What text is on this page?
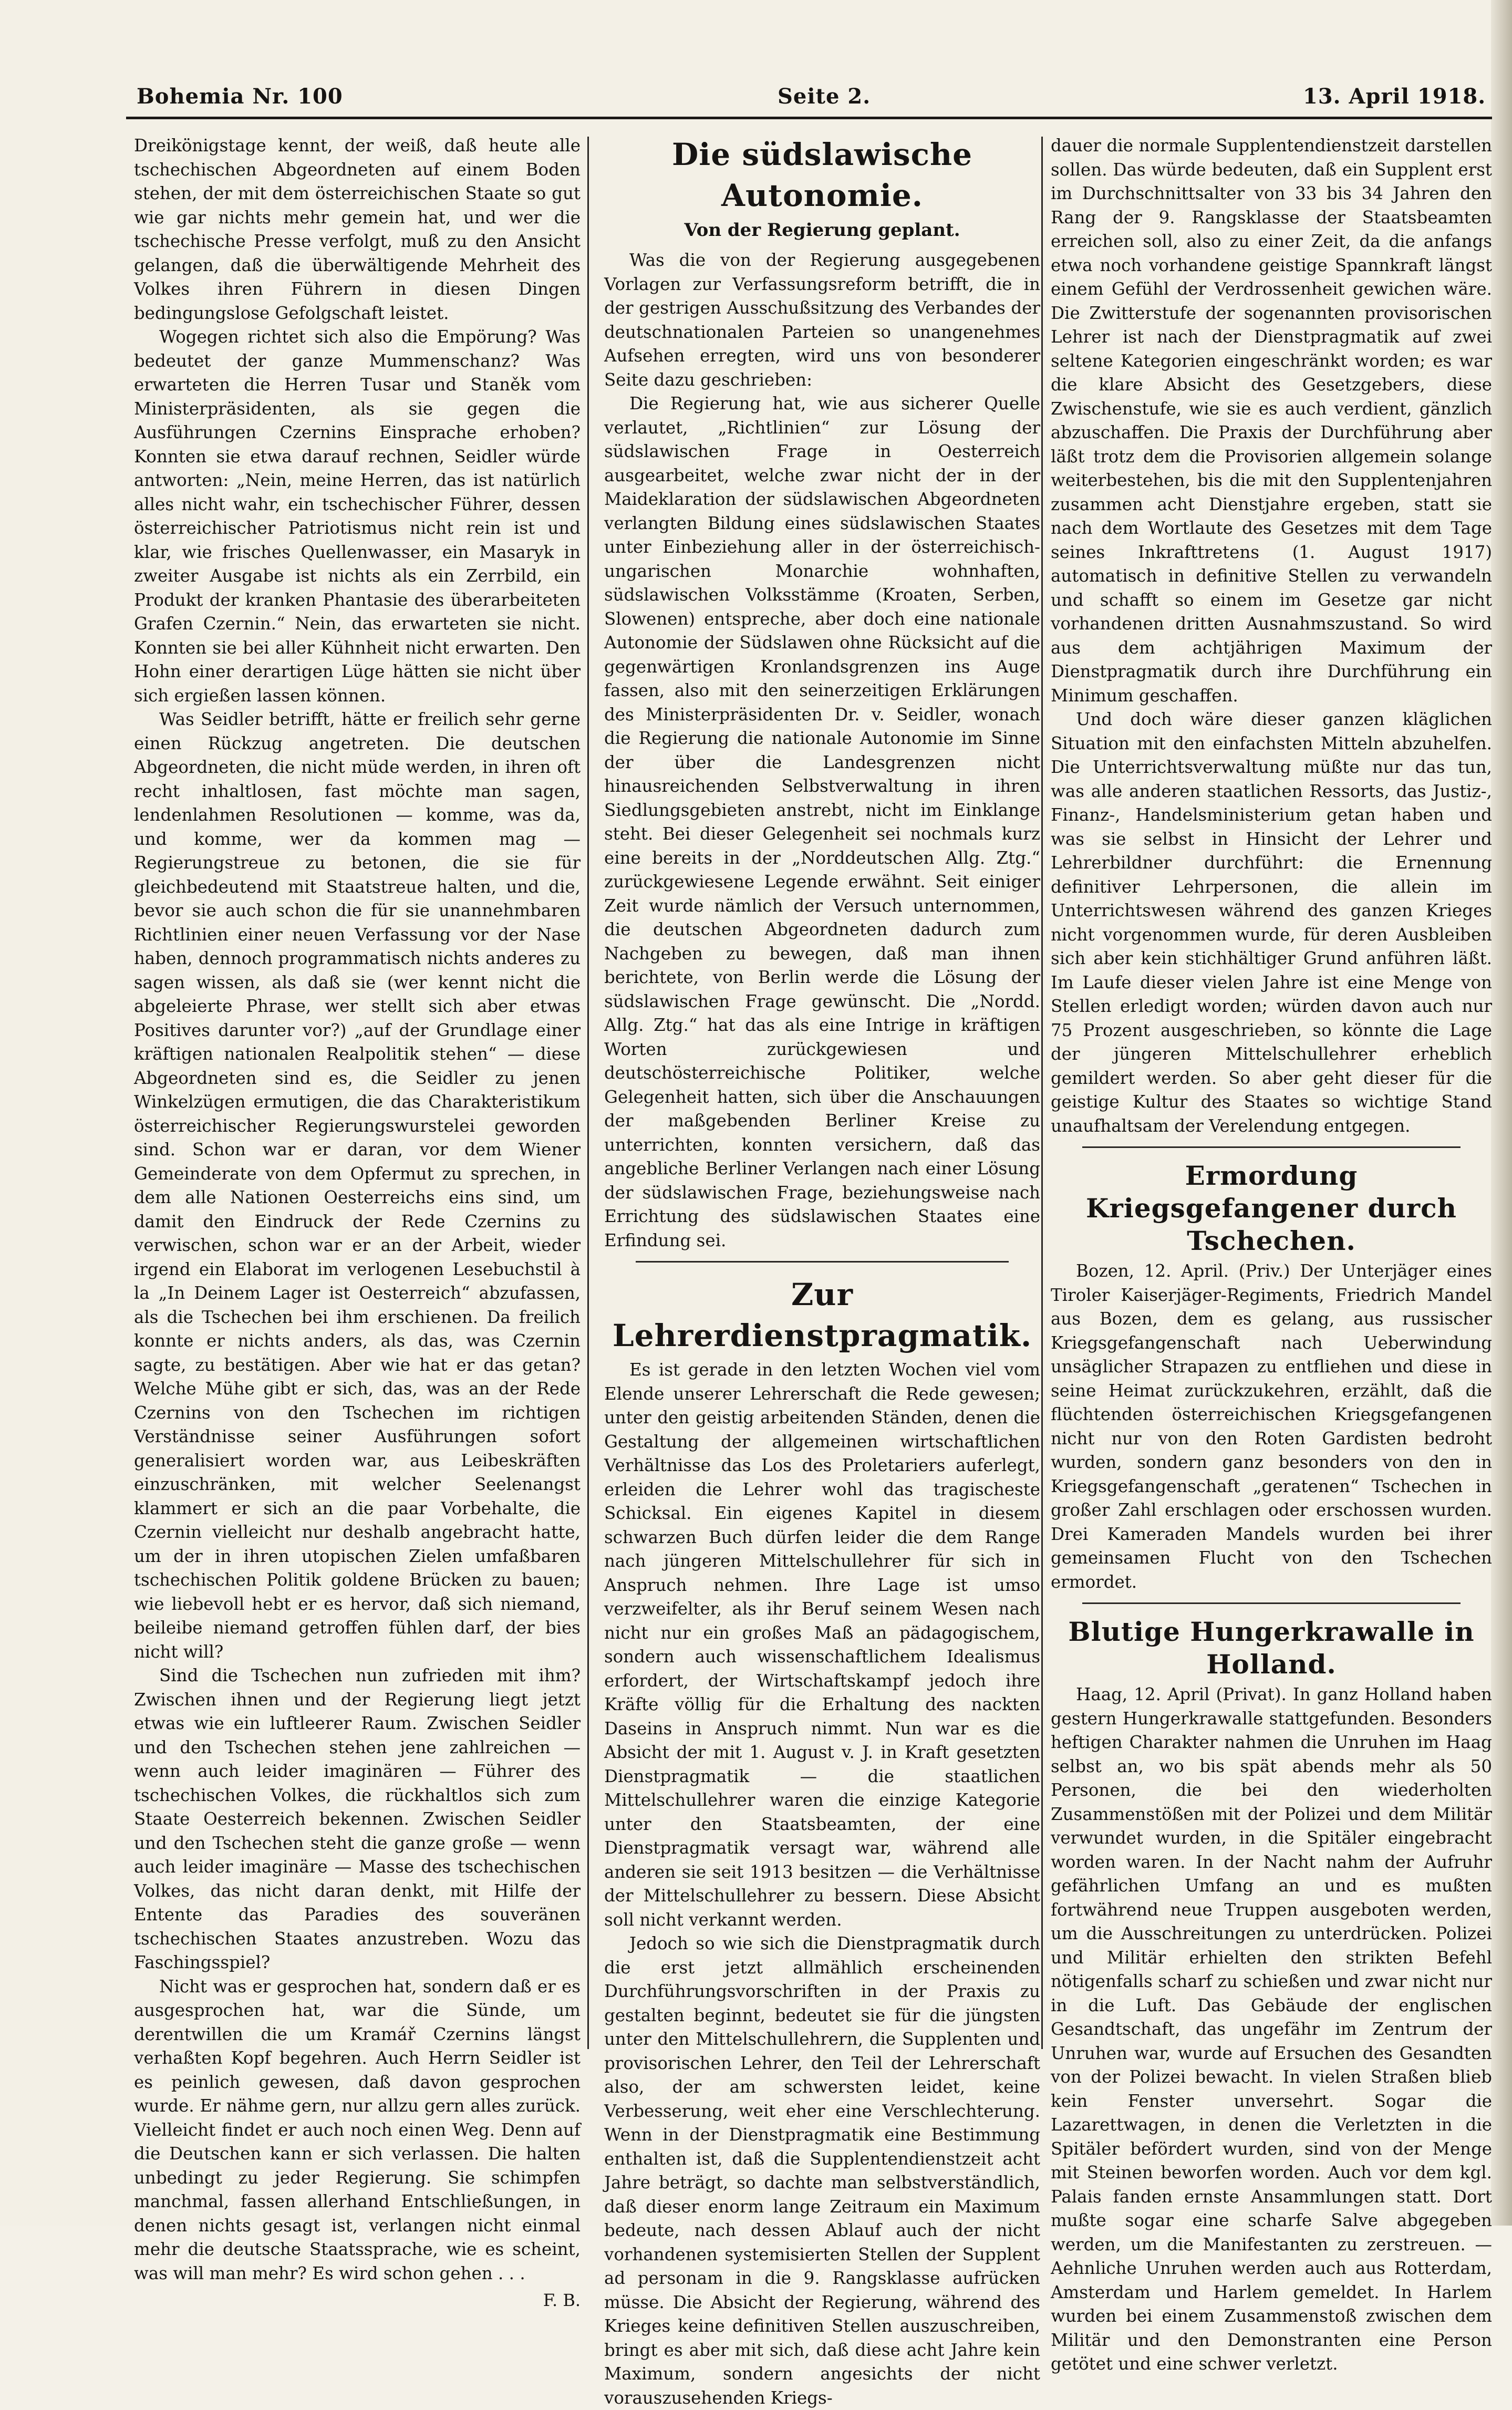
Bohemia Nr. 100	Seite 2.	13. April 1918.

Dreikönigstage kennt, der weiß, daß heute alle tschechischen Abgeordneten auf einem Boden stehen, der mit dem österreichischen Staate so gut wie gar nichts mehr gemein hat, und wer die tschechische Presse verfolgt, muß zu den Ansicht gelangen, daß die überwältigende Mehrheit des Volkes ihren Führern in diesen Dingen bedingungslose Gefolgschaft leistet.

Wogegen richtet sich also die Empörung? Was bedeutet der ganze Mummenschanz? Was erwarteten die Herren Tusar und Staněk vom Ministerpräsidenten, als sie gegen die Ausführungen Czernins Einsprache erhoben? Konnten sie etwa darauf rechnen, Seidler würde antworten: „Nein, meine Herren, das ist natürlich alles nicht wahr, ein tschechischer Führer, dessen österreichischer Patriotismus nicht rein ist und klar, wie frisches Quellenwasser, ein Masaryk in zweiter Ausgabe ist nichts als ein Zerrbild, ein Produkt der kranken Phantasie des überarbeiteten Grafen Czernin.“ Nein, das erwarteten sie nicht. Konnten sie bei aller Kühnheit nicht erwarten. Den Hohn einer derartigen Lüge hätten sie nicht über sich ergießen lassen können.

Was Seidler betrifft, hätte er freilich sehr gerne einen Rückzug angetreten. Die deutschen Abgeordneten, die nicht müde werden, in ihren oft recht inhaltlosen, fast möchte man sagen, lendenlahmen Resolutionen — komme, was da, und komme, wer da kommen mag — Regierungstreue zu betonen, die sie für gleichbedeutend mit Staatstreue halten, und die, bevor sie auch schon die für sie unannehmbaren Richtlinien einer neuen Verfassung vor der Nase haben, dennoch programmatisch nichts anderes zu sagen wissen, als daß sie (wer kennt nicht die abgeleierte Phrase, wer stellt sich aber etwas Positives darunter vor?) „auf der Grundlage einer kräftigen nationalen Realpolitik stehen“ — diese Abgeordneten sind es, die Seidler zu jenen Winkelzügen ermutigen, die das Charakteristikum österreichischer Regierungswurstelei geworden sind. Schon war er daran, vor dem Wiener Gemeinderate von dem Opfermut zu sprechen, in dem alle Nationen Oesterreichs eins sind, um damit den Eindruck der Rede Czernins zu verwischen, schon war er an der Arbeit, wieder irgend ein Elaborat im verlogenen Lesebuchstil à la „In Deinem Lager ist Oesterreich“ abzufassen, als die Tschechen bei ihm erschienen. Da freilich konnte er nichts anders, als das, was Czernin sagte, zu bestätigen. Aber wie hat er das getan? Welche Mühe gibt er sich, das, was an der Rede Czernins von den Tschechen im richtigen Verständnisse seiner Ausführungen sofort generalisiert worden war, aus Leibeskräften einzuschränken, mit welcher Seelenangst klammert er sich an die paar Vorbehalte, die Czernin vielleicht nur deshalb angebracht hatte, um der in ihren utopischen Zielen umfaßbaren tschechischen Politik goldene Brücken zu bauen; wie liebevoll hebt er es hervor, daß sich niemand, beileibe niemand getroffen fühlen darf, der bies nicht will?

Sind die Tschechen nun zufrieden mit ihm? Zwischen ihnen und der Regierung liegt jetzt etwas wie ein luftleerer Raum. Zwischen Seidler und den Tschechen stehen jene zahlreichen — wenn auch leider imaginären — Führer des tschechischen Volkes, die rückhaltlos sich zum Staate Oesterreich bekennen. Zwischen Seidler und den Tschechen steht die ganze große — wenn auch leider imaginäre — Masse des tschechischen Volkes, das nicht daran denkt, mit Hilfe der Entente das Paradies des souveränen tschechischen Staates anzustreben. Wozu das Faschingsspiel?

Nicht was er gesprochen hat, sondern daß er es ausgesprochen hat, war die Sünde, um derentwillen die um Kramář Czernins längst verhaßten Kopf begehren. Auch Herrn Seidler ist es peinlich gewesen, daß davon gesprochen wurde. Er nähme gern, nur allzu gern alles zurück. Vielleicht findet er auch noch einen Weg. Denn auf die Deutschen kann er sich verlassen. Die halten unbedingt zu jeder Regierung. Sie schimpfen manchmal, fassen allerhand Entschließungen, in denen nichts gesagt ist, verlangen nicht einmal mehr die deutsche Staatssprache, wie es scheint, was will man mehr? Es wird schon gehen . . .

F. B.
Die südslawische Autonomie.
Von der Regierung geplant.

Was die von der Regierung ausgegebenen Vorlagen zur Verfassungsreform betrifft, die in der gestrigen Ausschußsitzung des Verbandes der deutschnationalen Parteien so unangenehmes Aufsehen erregten, wird uns von besonderer Seite dazu geschrieben:

Die Regierung hat, wie aus sicherer Quelle verlautet, „Richtlinien“ zur Lösung der südslawischen Frage in Oesterreich ausgearbeitet, welche zwar nicht der in der Maideklaration der südslawischen Abgeordneten verlangten Bildung eines südslawischen Staates unter Einbeziehung aller in der österreichisch-ungarischen Monarchie wohnhaften, südslawischen Volksstämme (Kroaten, Serben, Slowenen) entspreche, aber doch eine nationale Autonomie der Südslawen ohne Rücksicht auf die gegenwärtigen Kronlandsgrenzen ins Auge fassen, also mit den seinerzeitigen Erklärungen des Ministerpräsidenten Dr. v. Seidler, wonach die Regierung die nationale Autonomie im Sinne der über die Landesgrenzen nicht hinausreichenden Selbstverwaltung in ihren Siedlungsgebieten anstrebt, nicht im Einklange steht. Bei dieser Gelegenheit sei nochmals kurz eine bereits in der „Norddeutschen Allg. Ztg.“ zurückgewiesene Legende erwähnt. Seit einiger Zeit wurde nämlich der Versuch unternommen, die deutschen Abgeordneten dadurch zum Nachgeben zu bewegen, daß man ihnen berichtete, von Berlin werde die Lösung der südslawischen Frage gewünscht. Die „Nordd. Allg. Ztg.“ hat das als eine Intrige in kräftigen Worten zurückgewiesen und deutschösterreichische Politiker, welche Gelegenheit hatten, sich über die Anschauungen der maßgebenden Berliner Kreise zu unterrichten, konnten versichern, daß das angebliche Berliner Verlangen nach einer Lösung der südslawischen Frage, beziehungsweise nach Errichtung des südslawischen Staates eine Erfindung sei.

Zur Lehrerdienstpragmatik.

Es ist gerade in den letzten Wochen viel vom Elende unserer Lehrerschaft die Rede gewesen; unter den geistig arbeitenden Ständen, denen die Gestaltung der allgemeinen wirtschaftlichen Verhältnisse das Los des Proletariers auferlegt, erleiden die Lehrer wohl das tragischeste Schicksal. Ein eigenes Kapitel in diesem schwarzen Buch dürfen leider die dem Range nach jüngeren Mittelschullehrer für sich in Anspruch nehmen. Ihre Lage ist umso verzweifelter, als ihr Beruf seinem Wesen nach nicht nur ein großes Maß an pädagogischem, sondern auch wissenschaftlichem Idealismus erfordert, der Wirtschaftskampf jedoch ihre Kräfte völlig für die Erhaltung des nackten Daseins in Anspruch nimmt. Nun war es die Absicht der mit 1. August v. J. in Kraft gesetzten Dienstpragmatik — die staatlichen Mittelschullehrer waren die einzige Kategorie unter den Staatsbeamten, der eine Dienstpragmatik versagt war, während alle anderen sie seit 1913 besitzen — die Verhältnisse der Mittelschullehrer zu bessern. Diese Absicht soll nicht verkannt werden.

Jedoch so wie sich die Dienstpragmatik durch die erst jetzt allmählich erscheinenden Durchführungsvorschriften in der Praxis zu gestalten beginnt, bedeutet sie für die jüngsten unter den Mittelschullehrern, die Supplenten und provisorischen Lehrer, den Teil der Lehrerschaft also, der am schwersten leidet, keine Verbesserung, weit eher eine Verschlechterung. Wenn in der Dienstpragmatik eine Bestimmung enthalten ist, daß die Supplentendienstzeit acht Jahre beträgt, so dachte man selbstverständlich, daß dieser enorm lange Zeitraum ein Maximum bedeute, nach dessen Ablauf auch der nicht vorhandenen systemisierten Stellen der Supplent ad personam in die 9. Rangsklasse aufrücken müsse. Die Absicht der Regierung, während des Krieges keine definitiven Stellen auszuschreiben, bringt es aber mit sich, daß diese acht Jahre kein Maximum, sondern angesichts der nicht vorauszusehenden Kriegs-

dauer die normale Supplentendienstzeit darstellen sollen. Das würde bedeuten, daß ein Supplent erst im Durchschnittsalter von 33 bis 34 Jahren den Rang der 9. Rangsklasse der Staatsbeamten erreichen soll, also zu einer Zeit, da die anfangs etwa noch vorhandene geistige Spannkraft längst einem Gefühl der Verdrossenheit gewichen wäre. Die Zwitterstufe der sogenannten provisorischen Lehrer ist nach der Dienstpragmatik auf zwei seltene Kategorien eingeschränkt worden; es war die klare Absicht des Gesetzgebers, diese Zwischenstufe, wie sie es auch verdient, gänzlich abzuschaffen. Die Praxis der Durchführung aber läßt trotz dem die Provisorien allgemein solange weiterbestehen, bis die mit den Supplentenjahren zusammen acht Dienstjahre ergeben, statt sie nach dem Wortlaute des Gesetzes mit dem Tage seines Inkrafttretens (1. August 1917) automatisch in definitive Stellen zu verwandeln und schafft so einem im Gesetze gar nicht vorhandenen dritten Ausnahmszustand. So wird aus dem achtjährigen Maximum der Dienstpragmatik durch ihre Durchführung ein Minimum geschaffen.

Und doch wäre dieser ganzen kläglichen Situation mit den einfachsten Mitteln abzuhelfen. Die Unterrichtsverwaltung müßte nur das tun, was alle anderen staatlichen Ressorts, das Justiz-, Finanz-, Handelsministerium getan haben und was sie selbst in Hinsicht der Lehrer und Lehrerbildner durchführt: die Ernennung definitiver Lehrpersonen, die allein im Unterrichtswesen während des ganzen Krieges nicht vorgenommen wurde, für deren Ausbleiben sich aber kein stichhältiger Grund anführen läßt. Im Laufe dieser vielen Jahre ist eine Menge von Stellen erledigt worden; würden davon auch nur 75 Prozent ausgeschrieben, so könnte die Lage der jüngeren Mittelschullehrer erheblich gemildert werden. So aber geht dieser für die geistige Kultur des Staates so wichtige Stand unaufhaltsam der Verelendung entgegen.

Ermordung Kriegsgefangener durch Tschechen.

Bozen, 12. April. (Priv.) Der Unterjäger eines Tiroler Kaiserjäger-Regiments, Friedrich Mandel aus Bozen, dem es gelang, aus russischer Kriegsgefangenschaft nach Ueberwindung unsäglicher Strapazen zu entfliehen und diese in seine Heimat zurückzukehren, erzählt, daß die flüchtenden österreichischen Kriegsgefangenen nicht nur von den Roten Gardisten bedroht wurden, sondern ganz besonders von den in Kriegsgefangenschaft „geratenen“ Tschechen in großer Zahl erschlagen oder erschossen wurden. Drei Kameraden Mandels wurden bei ihrer gemeinsamen Flucht von den Tschechen ermordet.

Blutige Hungerkrawalle in Holland.

Haag, 12. April (Privat). In ganz Holland haben gestern Hungerkrawalle stattgefunden. Besonders heftigen Charakter nahmen die Unruhen im Haag selbst an, wo bis spät abends mehr als 50 Personen, die bei den wiederholten Zusammenstößen mit der Polizei und dem Militär verwundet wurden, in die Spitäler eingebracht worden waren. In der Nacht nahm der Aufruhr gefährlichen Umfang an und es mußten fortwährend neue Truppen ausgeboten werden, um die Ausschreitungen zu unterdrücken. Polizei und Militär erhielten den strikten Befehl nötigenfalls scharf zu schießen und zwar nicht nur in die Luft. Das Gebäude der englischen Gesandtschaft, das ungefähr im Zentrum der Unruhen war, wurde auf Ersuchen des Gesandten von der Polizei bewacht. In vielen Straßen blieb kein Fenster unversehrt. Sogar die Lazarettwagen, in denen die Verletzten in die Spitäler befördert wurden, sind von der Menge mit Steinen beworfen worden. Auch vor dem kgl. Palais fanden ernste Ansammlungen statt. Dort mußte sogar eine scharfe Salve abgegeben werden, um die Manifestanten zu zerstreuen. — Aehnliche Unruhen werden auch aus Rotterdam, Amsterdam und Harlem gemeldet. In Harlem wurden bei einem Zusammenstoß zwischen dem Militär und den Demonstranten eine Person getötet und eine schwer verletzt.
